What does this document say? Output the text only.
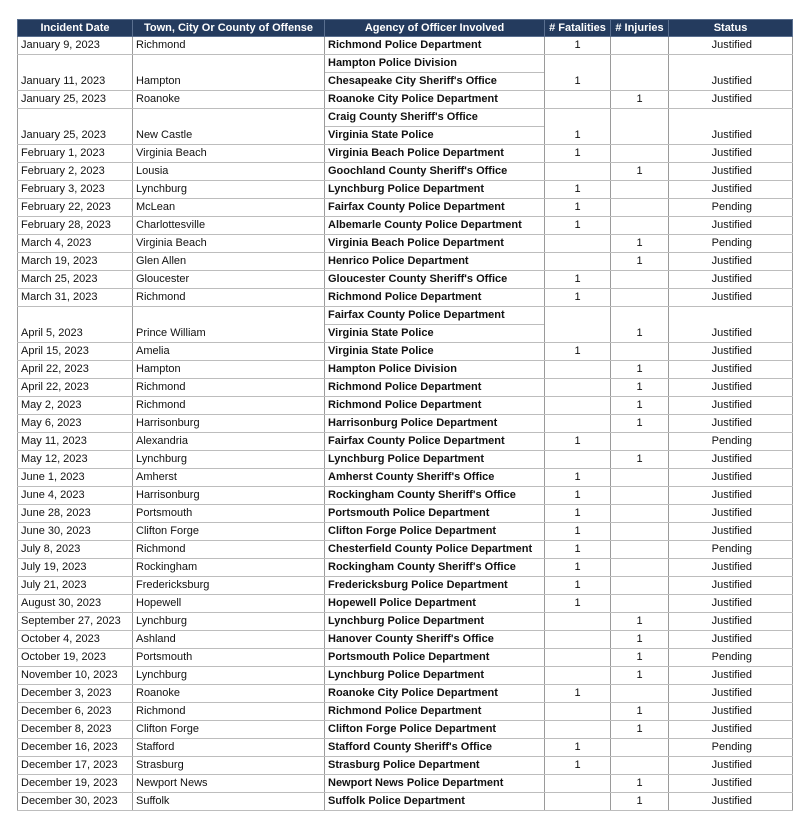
Incident Date	Town, City Or County of Offense	Agency of Officer Involved	# Fatalities	# Injuries	Status
January 9, 2023	Richmond	Richmond Police Department	1		Justified
January 11, 2023	Hampton	Hampton Police Division
Chesapeake City Sheriff's Office	1		Justified
January 25, 2023	Roanoke	Roanoke City Police Department		1	Justified
January 25, 2023	New Castle	Craig County Sheriff's Office
Virginia State Police	1		Justified
February 1, 2023	Virginia Beach	Virginia Beach Police Department	1		Justified
February 2, 2023	Lousia	Goochland County Sheriff's Office		1	Justified
February 3, 2023	Lynchburg	Lynchburg Police Department	1		Justified
February 22, 2023	McLean	Fairfax County Police Department	1		Pending
February 28, 2023	Charlottesville	Albemarle County Police Department	1		Justified
March 4, 2023	Virginia Beach	Virginia Beach Police Department		1	Pending
March 19, 2023	Glen Allen	Henrico Police Department		1	Justified
March 25, 2023	Gloucester	Gloucester County Sheriff's Office	1		Justified
March 31, 2023	Richmond	Richmond Police Department	1		Justified
April 5, 2023	Prince William	Fairfax County Police Department
Virginia State Police		1	Justified
April 15, 2023	Amelia	Virginia State Police	1		Justified
April 22, 2023	Hampton	Hampton Police Division		1	Justified
April 22, 2023	Richmond	Richmond Police Department		1	Justified
May 2, 2023	Richmond	Richmond Police Department		1	Justified
May 6, 2023	Harrisonburg	Harrisonburg Police Department		1	Justified
May 11, 2023	Alexandria	Fairfax County Police Department	1		Pending
May 12, 2023	Lynchburg	Lynchburg Police Department		1	Justified
June 1, 2023	Amherst	Amherst County Sheriff's Office	1		Justified
June 4, 2023	Harrisonburg	Rockingham County Sheriff's Office	1		Justified
June 28, 2023	Portsmouth	Portsmouth Police Department	1		Justified
June 30, 2023	Clifton Forge	Clifton Forge Police Department	1		Justified
July 8, 2023	Richmond	Chesterfield County Police Department	1		Pending
July 19, 2023	Rockingham	Rockingham County Sheriff's Office	1		Justified
July 21, 2023	Fredericksburg	Fredericksburg Police Department	1		Justified
August 30, 2023	Hopewell	Hopewell Police Department	1		Justified
September 27, 2023	Lynchburg	Lynchburg Police Department		1	Justified
October 4, 2023	Ashland	Hanover County Sheriff's Office		1	Justified
October 19, 2023	Portsmouth	Portsmouth Police Department		1	Pending
November 10, 2023	Lynchburg	Lynchburg Police Department		1	Justified
December 3, 2023	Roanoke	Roanoke City Police Department	1		Justified
December 6, 2023	Richmond	Richmond Police Department		1	Justified
December 8, 2023	Clifton Forge	Clifton Forge Police Department		1	Justified
December 16, 2023	Stafford	Stafford County Sheriff's Office	1		Pending
December 17, 2023	Strasburg	Strasburg Police Department	1		Justified
December 19, 2023	Newport News	Newport News Police Department		1	Justified
December 30, 2023	Suffolk	Suffolk Police Department		1	Justified
